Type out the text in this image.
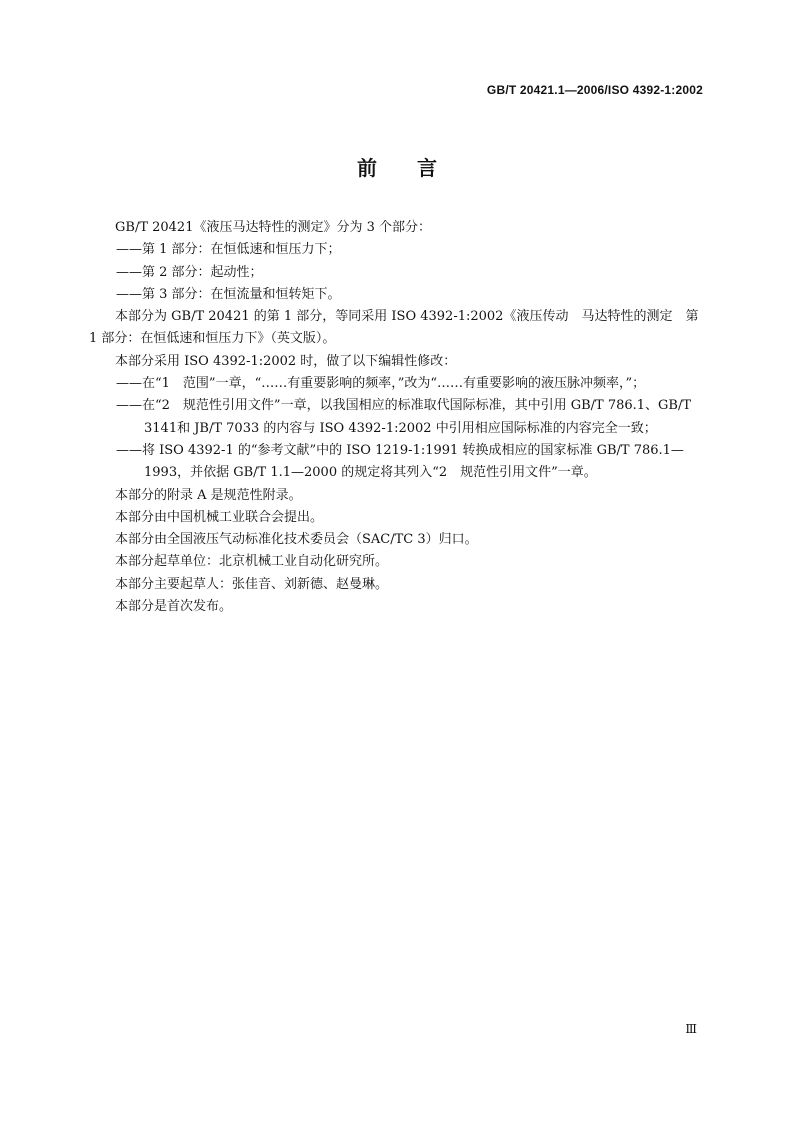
GB/T 20421.1—2006/ISO 4392-1:2002
前 言

GB/T 20421《液压马达特性的测定》分为 3 个部分：

——第 1 部分：在恒低速和恒压力下；

——第 2 部分：起动性；

——第 3 部分：在恒流量和恒转矩下。

本部分为 GB/T 20421 的第 1 部分，等同采用 ISO 4392-1:2002《液压传动　马达特性的测定　第 1 部分：在恒低速和恒压力下》（英文版）。

本部分采用 ISO 4392-1:2002 时，做了以下编辑性修改：

——在“1　范围”一章，“……有重要影响的频率，”改为“……有重要影响的液压脉冲频率，”；

——在“2　规范性引用文件”一章，以我国相应的标准取代国际标准，其中引用 GB/T 786.1、GB/T 3141和 JB/T 7033 的内容与 ISO 4392-1:2002 中引用相应国际标准的内容完全一致；

——将 ISO 4392-1 的“参考文献”中的 ISO 1219-1:1991 转换成相应的国家标准 GB/T 786.1—1993，并依据 GB/T 1.1—2000 的规定将其列入“2　规范性引用文件”一章。

本部分的附录 A 是规范性附录。

本部分由中国机械工业联合会提出。

本部分由全国液压气动标准化技术委员会（SAC/TC 3）归口。

本部分起草单位：北京机械工业自动化研究所。

本部分主要起草人：张佳音、刘新德、赵曼琳。

本部分是首次发布。

Ⅲ
